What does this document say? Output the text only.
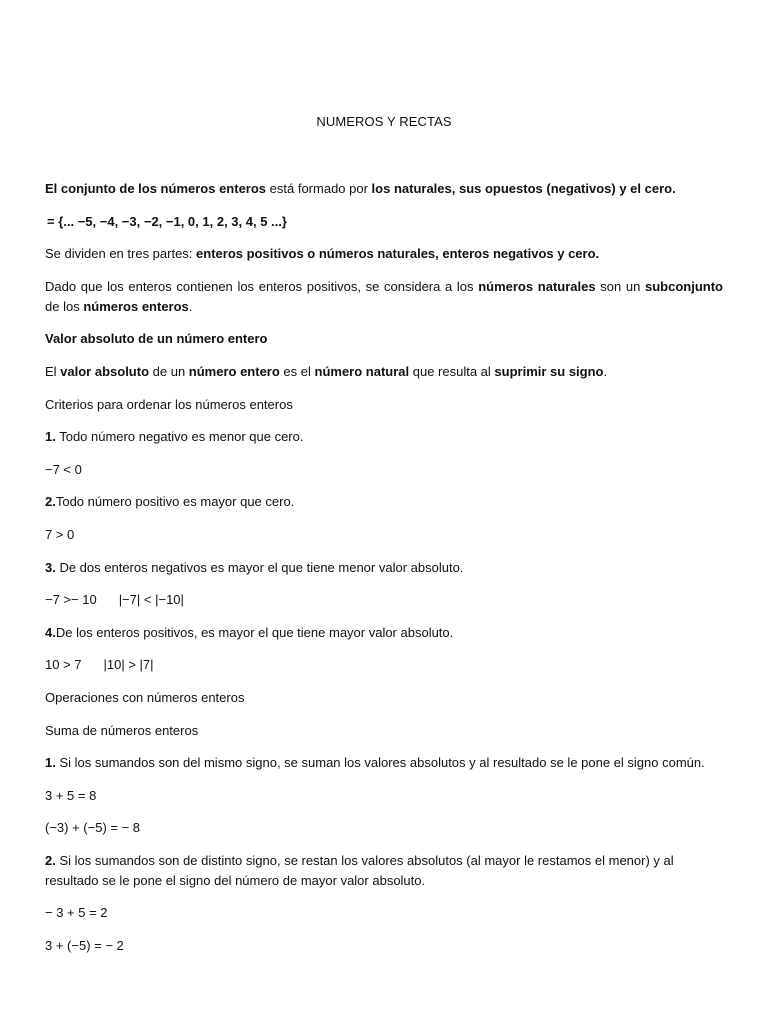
NUMEROS Y RECTAS

El conjunto de los números enteros está formado por los naturales, sus opuestos (negativos) y el cero.

= {... −5, −4, −3, −2, −1, 0, 1, 2, 3, 4, 5 ...}

Se dividen en tres partes: enteros positivos o números naturales, enteros negativos y cero.

Dado que los enteros contienen los enteros positivos, se considera a los números naturales son un subconjunto de los números enteros.

Valor absoluto de un número entero

El valor absoluto de un número entero es el número natural que resulta al suprimir su signo.

Criterios para ordenar los números enteros

1. Todo número negativo es menor que cero.

−7 < 0

2.Todo número positivo es mayor que cero.

7 > 0

3. De dos enteros negativos es mayor el que tiene menor valor absoluto.

−7 >− 10 |−7| < |−10|

4.De los enteros positivos, es mayor el que tiene mayor valor absoluto.

10 > 7 |10| > |7|

Operaciones con números enteros

Suma de números enteros

1. Si los sumandos son del mismo signo, se suman los valores absolutos y al resultado se le pone el signo común.

3 + 5 = 8

(−3) + (−5) = − 8

2. Si los sumandos son de distinto signo, se restan los valores absolutos (al mayor le restamos el menor) y al resultado se le pone el signo del número de mayor valor absoluto.

− 3 + 5 = 2

3 + (−5) = − 2
